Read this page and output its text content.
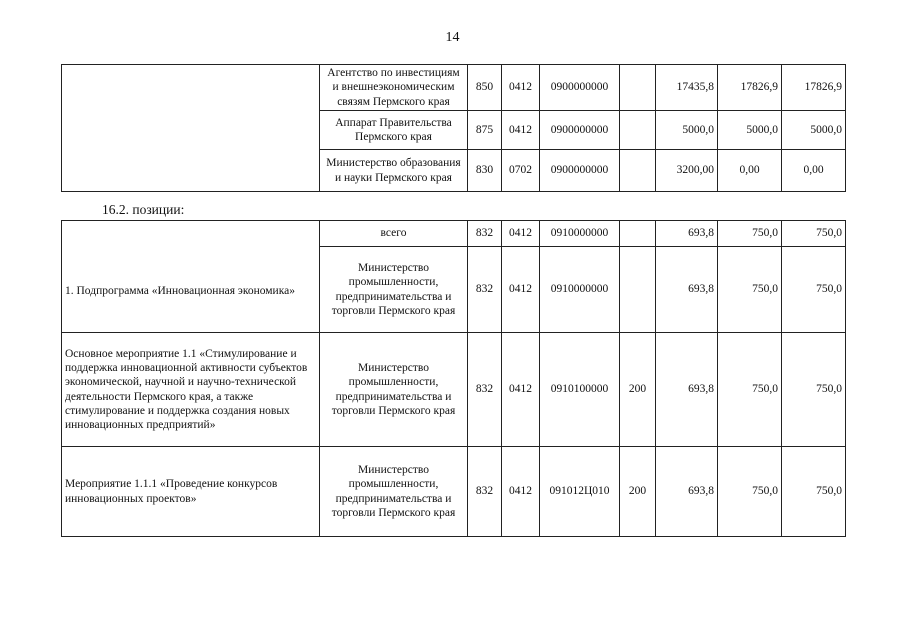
14
	Агентство по инвестициям и внешнеэкономическим связям Пермского края	850	0412	0900000000		17435,8	17826,9	17826,9
	Аппарат Правительства Пермского края	875	0412	0900000000		5000,0	5000,0	5000,0
	Министерство образования и науки Пермского края	830	0702	0900000000		3200,00	0,00	0,00
16.2. позиции:
1. Подпрограмма «Инновационная экономика»	всего	832	0412	0910000000		693,8	750,0	750,0
	Министерство промышленности, предпринимательства и торговли Пермского края	832	0412	0910000000		693,8	750,0	750,0
Основное мероприятие 1.1 «Стимулирование и поддержка инновационной активности субъектов экономической, научной и научно-технической деятельности Пермского края, а также стимулирование и поддержка создания новых инновационных предприятий»	Министерство промышленности, предпринимательства и торговли Пермского края	832	0412	0910100000	200	693,8	750,0	750,0
Мероприятие 1.1.1 «Проведение конкурсов инновационных проектов»	Министерство промышленности, предпринимательства и торговли Пермского края	832	0412	091012Ц010	200	693,8	750,0	750,0
